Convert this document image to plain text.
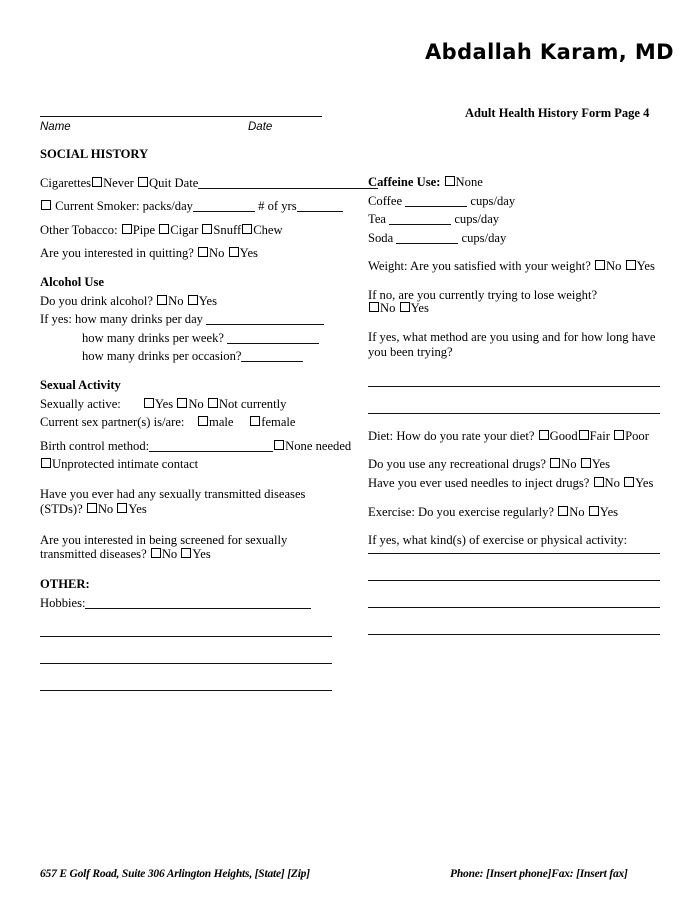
Abdallah Karam, MD
Adult Health History Form Page 4
Name	Date
SOCIAL HISTORY
Cigarettes Never Quit Date
Current Smoker: packs/day	# of yrs
Other Tobacco: Pipe Cigar Snuff Chew
Are you interested in quitting? No Yes
Alcohol Use
Do you drink alcohol? No Yes
If yes: how many drinks per day
how many drinks per week?
how many drinks per occasion?
Sexual Activity
Sexually active:	Yes No Not currently
Current sex partner(s) is/are: male female
Birth control method:	None needed
Unprotected intimate contact
Have you ever had any sexually transmitted diseases (STDs)? No Yes
Are you interested in being screened for sexually transmitted diseases? No Yes
OTHER:
Hobbies:
Caffeine Use: None
Coffee	cups/day
Tea	cups/day
Soda	cups/day
Weight: Are you satisfied with your weight? No Yes
If no, are you currently trying to lose weight?
No Yes
If yes, what method are you using and for how long have you been trying?
Diet: How do you rate your diet? Good Fair Poor
Do you use any recreational drugs? No Yes
Have you ever used needles to inject drugs? No Yes
Exercise: Do you exercise regularly? No Yes
If yes, what kind(s) of exercise or physical activity:
657 E Golf Road, Suite 306 Arlington Heights, [State] [Zip]	Phone: [Insert phone]Fax: [Insert fax]
